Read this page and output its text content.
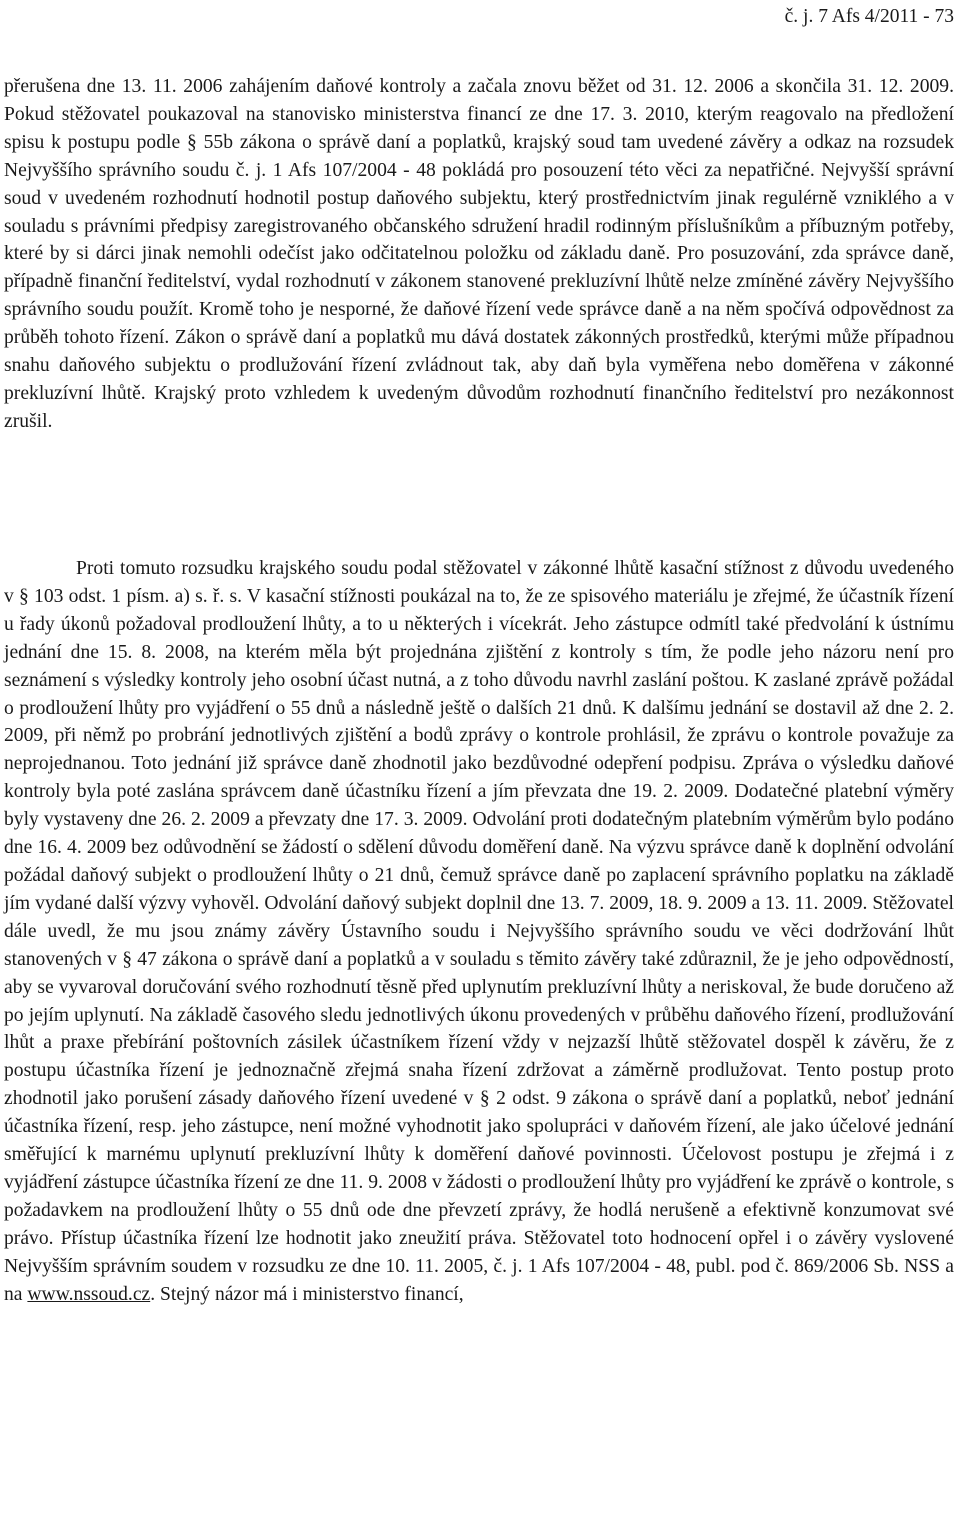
č. j. 7 Afs 4/2011 - 73

přerušena dne 13. 11. 2006 zahájením daňové kontroly a začala znovu běžet od 31. 12. 2006 a skončila 31. 12. 2009. Pokud stěžovatel poukazoval na stanovisko ministerstva financí ze dne 17. 3. 2010, kterým reagovalo na předložení spisu k postupu podle § 55b zákona o správě daní a poplatků, krajský soud tam uvedené závěry a odkaz na rozsudek Nejvyššího správního soudu č. j. 1 Afs 107/2004 - 48 pokládá pro posouzení této věci za nepatřičné. Nejvyšší správní soud v uvedeném rozhodnutí hodnotil postup daňového subjektu, který prostřednictvím jinak regulérně vzniklého a v souladu s právními předpisy zaregistrovaného občanského sdružení hradil rodinným příslušníkům a příbuzným potřeby, které by si dárci jinak nemohli odečíst jako odčitatelnou položku od základu daně. Pro posuzování, zda správce daně, případně finanční ředitelství, vydal rozhodnutí v zákonem stanovené prekluzívní lhůtě nelze zmíněné závěry Nejvyššího správního soudu použít. Kromě toho je nesporné, že daňové řízení vede správce daně a na něm spočívá odpovědnost za průběh tohoto řízení. Zákon o správě daní a poplatků mu dává dostatek zákonných prostředků, kterými může případnou snahu daňového subjektu o prodlužování řízení zvládnout tak, aby daň byla vyměřena nebo doměřena v zákonné prekluzívní lhůtě. Krajský proto vzhledem k uvedeným důvodům rozhodnutí finančního ředitelství pro nezákonnost zrušil.

Proti tomuto rozsudku krajského soudu podal stěžovatel v zákonné lhůtě kasační stížnost z důvodu uvedeného v § 103 odst. 1 písm. a) s. ř. s. V kasační stížnosti poukázal na to, že ze spisového materiálu je zřejmé, že účastník řízení u řady úkonů požadoval prodloužení lhůty, a to u některých i vícekrát. Jeho zástupce odmítl také předvolání k ústnímu jednání dne 15. 8. 2008, na kterém měla být projednána zjištění z kontroly s tím, že podle jeho názoru není pro seznámení s výsledky kontroly jeho osobní účast nutná, a z toho důvodu navrhl zaslání poštou. K zaslané zprávě požádal o prodloužení lhůty pro vyjádření o 55 dnů a následně ještě o dalších 21 dnů. K dalšímu jednání se dostavil až dne 2. 2. 2009, při němž po probrání jednotlivých zjištění a bodů zprávy o kontrole prohlásil, že zprávu o kontrole považuje za neprojednanou. Toto jednání již správce daně zhodnotil jako bezdůvodné odepření podpisu. Zpráva o výsledku daňové kontroly byla poté zaslána správcem daně účastníku řízení a jím převzata dne 19. 2. 2009. Dodatečné platební výměry byly vystaveny dne 26. 2. 2009 a převzaty dne 17. 3. 2009. Odvolání proti dodatečným platebním výměrům bylo podáno dne 16. 4. 2009 bez odůvodnění se žádostí o sdělení důvodu doměření daně. Na výzvu správce daně k doplnění odvolání požádal daňový subjekt o prodloužení lhůty o 21 dnů, čemuž správce daně po zaplacení správního poplatku na základě jím vydané další výzvy vyhověl. Odvolání daňový subjekt doplnil dne 13. 7. 2009, 18. 9. 2009 a 13. 11. 2009. Stěžovatel dále uvedl, že mu jsou známy závěry Ústavního soudu i Nejvyššího správního soudu ve věci dodržování lhůt stanovených v § 47 zákona o správě daní a poplatků a v souladu s těmito závěry také zdůraznil, že je jeho odpovědností, aby se vyvaroval doručování svého rozhodnutí těsně před uplynutím prekluzívní lhůty a neriskoval, že bude doručeno až po jejím uplynutí. Na základě časového sledu jednotlivých úkonu provedených v průběhu daňového řízení, prodlužování lhůt a praxe přebírání poštovních zásilek účastníkem řízení vždy v nejzazší lhůtě stěžovatel dospěl k závěru, že z postupu účastníka řízení je jednoznačně zřejmá snaha řízení zdržovat a záměrně prodlužovat. Tento postup proto zhodnotil jako porušení zásady daňového řízení uvedené v § 2 odst. 9 zákona o správě daní a poplatků, neboť jednání účastníka řízení, resp. jeho zástupce, není možné vyhodnotit jako spolupráci v daňovém řízení, ale jako účelové jednání směřující k marnému uplynutí prekluzívní lhůty k doměření daňové povinnosti. Účelovost postupu je zřejmá i z vyjádření zástupce účastníka řízení ze dne 11. 9. 2008 v žádosti o prodloužení lhůty pro vyjádření ke zprávě o kontrole, s požadavkem na prodloužení lhůty o 55 dnů ode dne převzetí zprávy, že hodlá nerušeně a efektivně konzumovat své právo. Přístup účastníka řízení lze hodnotit jako zneužití práva. Stěžovatel toto hodnocení opřel i o závěry vyslovené Nejvyšším správním soudem v rozsudku ze dne 10. 11. 2005, č. j. 1 Afs 107/2004 - 48, publ. pod č. 869/2006 Sb. NSS a na www.nssoud.cz. Stejný názor má i ministerstvo financí,
